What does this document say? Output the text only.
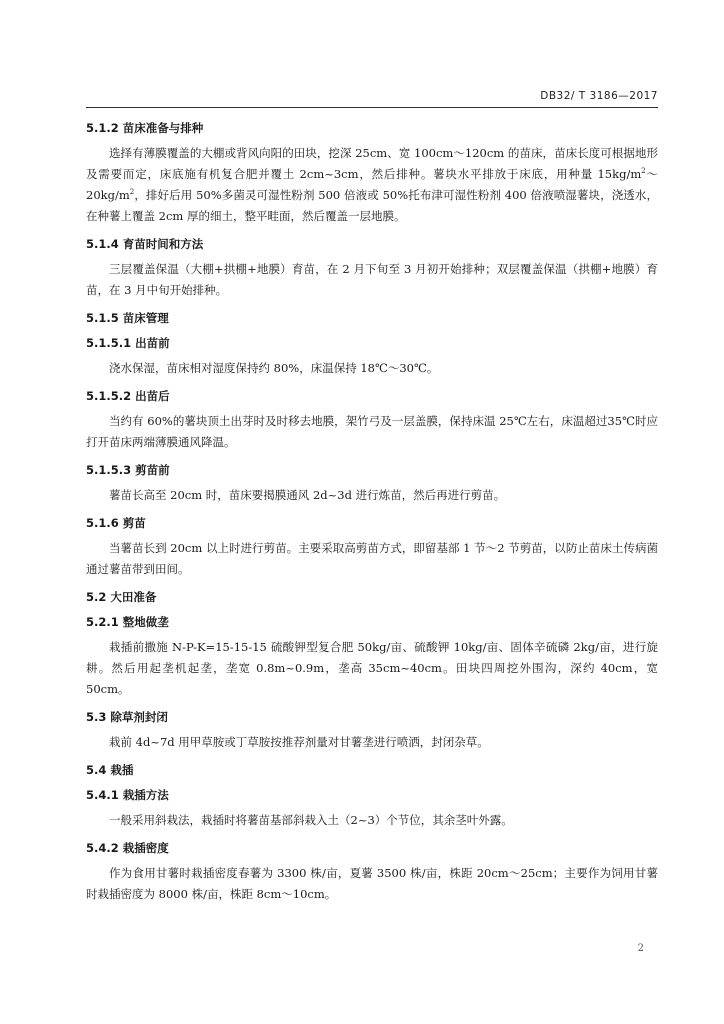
DB32/ T 3186—2017
5.1.2 苗床准备与排种

选择有薄膜覆盖的大棚或背风向阳的田块，挖深 25cm、宽 100cm～120cm 的苗床，苗床长度可根据地形及需要而定，床底施有机复合肥并覆土 2cm~3cm，然后排种。薯块水平排放于床底，用种量 $15kg/m^2\sim 20kg/m^2$，排好后用 50%多菌灵可湿性粉剂 500 倍液或 50%托布津可湿性粉剂 400 倍液喷湿薯块，浇透水，在种薯上覆盖 2cm 厚的细土，整平畦面，然后覆盖一层地膜。

5.1.4 育苗时间和方法

三层覆盖保温（大棚+拱棚+地膜）育苗，在 2 月下旬至 3 月初开始排种；双层覆盖保温（拱棚+地膜）育苗，在 3 月中旬开始排种。

5.1.5 苗床管理
5.1.5.1 出苗前

浇水保湿，苗床相对湿度保持约 80%，床温保持 18℃～30℃。

5.1.5.2 出苗后

当约有 60%的薯块顶土出芽时及时移去地膜，架竹弓及一层盖膜，保持床温 25℃左右，床温超过35℃时应打开苗床两端薄膜通风降温。

5.1.5.3 剪苗前

薯苗长高至 20cm 时，苗床要揭膜通风 2d~3d 进行炼苗，然后再进行剪苗。

5.1.6 剪苗

当薯苗长到 20cm 以上时进行剪苗。主要采取高剪苗方式，即留基部 1 节～2 节剪苗，以防止苗床土传病菌通过薯苗带到田间。

5.2 大田准备
5.2.1 整地做垄

栽插前撒施 N-P-K=15-15-15 硫酸钾型复合肥 50kg/亩、硫酸钾 10kg/亩、固体辛硫磷 2kg/亩，进行旋耕。然后用起垄机起垄，垄宽 0.8m~0.9m，垄高 35cm~40cm。田块四周挖外围沟，深约 40cm，宽 50cm。

5.3 除草剂封闭

栽前 4d~7d 用甲草胺或丁草胺按推荐剂量对甘薯垄进行喷洒，封闭杂草。

5.4 栽插
5.4.1 栽插方法

一般采用斜栽法，栽插时将薯苗基部斜栽入土（2~3）个节位，其余茎叶外露。

5.4.2 栽插密度

作为食用甘薯时栽插密度春薯为 3300 株/亩，夏薯 3500 株/亩，株距 20cm～25cm；主要作为饲用甘薯时栽插密度为 8000 株/亩，株距 8cm～10cm。

2
